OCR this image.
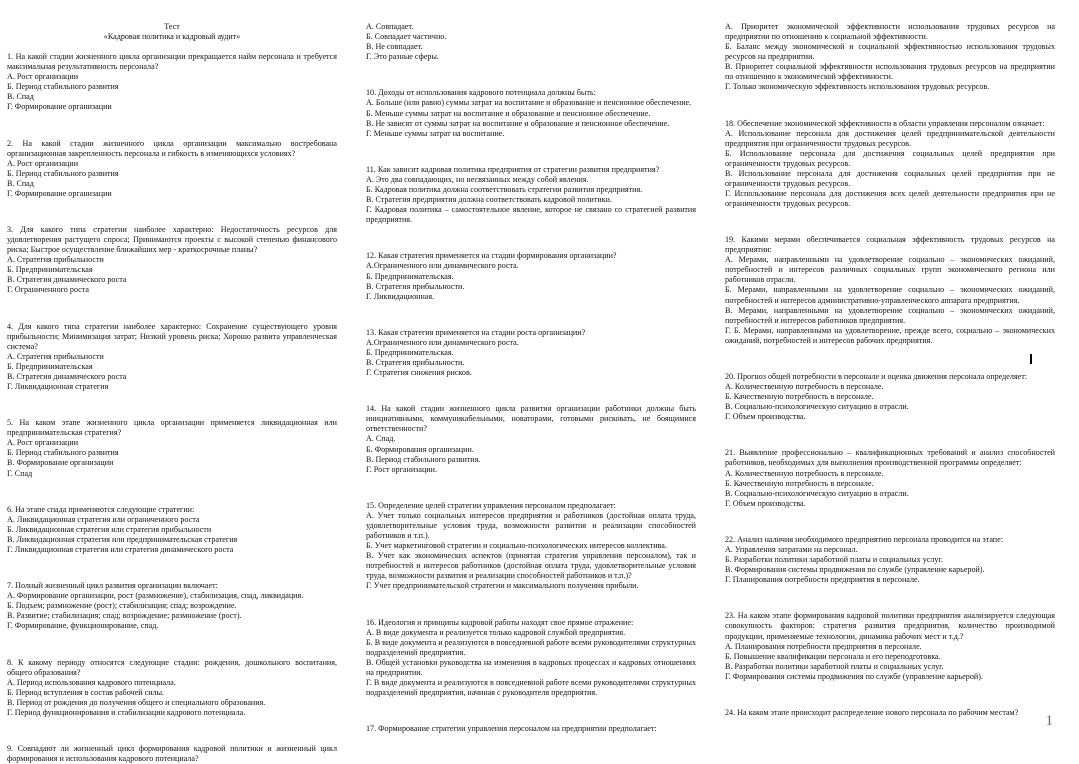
Тест

«Кадровая политика и кадровый аудит»

1. На какой стадии жизненного цикла организации прекращается найм персонала и требуется максимальная результативность персонала?

А. Рост организации

Б. Период стабильного развития

В. Спад

Г. Формирование организации

2. На какой стадии жизненного цикла организации максимально востребована организационная закрепленность персонала и гибкость в изменяющихся условиях?

А. Рост организации

Б. Период стабильного развития

В. Спад

Г. Формирование организации

3. Для какого типа стратегии наиболее характерно: Недостаточность ресурсов для удовлетворения растущего спроса; Принимаются проекты с высокой степенью финансового риска; Быстрое осуществление ближайших мер - краткосрочные планы?

А. Стратегия прибыльности

Б. Предпринимательская

В. Стратегия динамического роста

Г. Ограниченного роста

4. Для какого типа стратегии наиболее характерно: Сохранение существующего уровня прибыльности; Минимизация затрат; Низкий уровень риска; Хорошо развита управленческая система?

А. Стратегия прибыльности

Б. Предпринимательская

В. Стратегия динамического роста

Г. Ликвидационная стратегия

5. На каком этапе жизненного цикла организации применяется ликвидационная или предпринимательская стратегия?

А. Рост организации

Б. Период стабильного развития

В. Формирование организации

Г. Спад

6. На этапе спада применяются следующие стратегии:

А. Ликвидационная стратегия или ограниченного роста

Б. Ликвидационная стратегия или стратегия прибыльности

В. Ликвидационная стратегия или предпринимательская стратегия

Г. Ликвидационная стратегия или стратегия динамического роста

7. Полный жизненный цикл развития организации включает:

А. Формирование организации, рост (размножение), стабилизация, спад, ликвидация.

Б. Подъем; размножение (рост); стабилизация; спад; возрождение.

В. Развитие; стабилизация; спад; возрождение; размножение (рост).

Г. Формирование, функционирование, спад.

8. К какому периоду относятся следующие стадии: рождения, дошкольного воспитания, общего образования?

А. Период использования кадрового потенциала.

Б. Период вступления в состав рабочей силы.

В. Период от рождения до получения общего и специального образования.

Г. Период функционирования и стабилизации кадрового потенциала.

9. Совпадают ли жизненный цикл формирования кадровой политики и жизненный цикл формирования и использования кадрового потенциала?

А. Совпадает.

Б. Совпадает частично.

В. Не совпадает.

Г. Это разные сферы.

10. Доходы от использования кадрового потенциала должны быть:

А. Больше (или равно) суммы затрат на воспитание и образование и пенсионное обеспечение.

Б. Меньше суммы затрат на воспитание и образование и пенсионное обеспечение.

В. Не зависят от суммы затрат на воспитание и образование и пенсионное обеспечение.

Г. Меньше суммы затрат на воспитание.

11. Как зависит кадровая политика предприятия от стратегии развития предприятия?

А. Это два совпадающих, но несвязанных между собой явления.

Б. Кадровая политика должна соответствовать стратегии развития предприятия.

В. Стратегия предприятия должна соответствовать кадровой политики.

Г. Кадровая политика – самостоятельное явление, которое не связано со стратегией развития предприятия.

12. Какая стратегия применяется на стадии формирования организации?

А.Ограниченного или динамического роста.

Б. Предпринимательская.

В. Стратегия прибыльности.

Г. Ликвидационная.

13. Какая стратегия применяется на стадии роста организации?

А.Ограниченного или динамического роста.

Б. Предпринимательская.

В. Стратегия прибыльности.

Г. Стратегия снижения рисков.

14. На какой стадии жизненного цикла развития организации работники должны быть инициативными, коммуникабельными, новаторами, готовыми рисковать, не боящимися ответственности?

А. Спад.

Б. Формирования организации.

В. Период стабильного развития.

Г. Рост организации.

15. Определение целей стратегии управления персоналом предполагает:

А. Учет только социальных интересов предприятия и работников (достойная оплата труда, удовлетворительные условия труда, возможности развития и реализации способностей работников и т.п.).

Б. Учет маркетинговой стратегии и социально-психологических интересов коллектива.

В. Учет как экономических аспектов (принятая стратегия управления персоналом), так и потребностей и интересов работников (достойная оплата труда, удовлетворительные условия труда, возможности развития и реализации способностей работников и т.п.)?

Г. Учет предпринимательской стратегии и максимального получения прибыли.

16. Идеология и принципы кадровой работы находят свое прямое отражение:

А. В виде документа и реализуется только кадровой службой предприятия.

Б. В виде документа и реализуются в повседневной работе всеми руководителями структурных подразделений предприятия.

В. Общей установки руководства на изменения в кадровых процессах и кадровых отношениях на предприятии.

Г. В виде документа и реализуются в повседневной работе всеми руководителями структурных подразделений предприятия, начиная с руководителя предприятия.

17. Формирование стратегии управления персоналом на предприятии предполагает:

А. Приоритет экономической эффективности использования трудовых ресурсов на предприятии по отношению к социальной эффективности.

Б. Баланс между экономической и социальной эффективностью использования трудовых ресурсов на предприятии.

В. Приоритет социальной эффективности использования трудовых ресурсов на предприятии по отношению к экономической эффективности.

Г. Только экономическую эффективность использования трудовых ресурсов.

18. Обеспечение экономической эффективности в области управления персоналом означает:

А. Использование персонала для достижения целей предпринимательской деятельности предприятия при ограниченности трудовых ресурсов.

Б. Использование персонала для достижения социальных целей предприятия при ограниченности трудовых ресурсов.

В. Использование персонала для достижения социальных целей предприятия при не ограниченности трудовых ресурсов.

Г. Использование персонала для достижения всех целей деятельности предприятия при не ограниченности трудовых ресурсов.

19. Какими мерами обеспечивается социальная эффективность трудовых ресурсов на предприятии:

А. Мерами, направленными на удовлетворение социально – экономических ожиданий, потребностей и интересов различных социальных групп экономического региона или работников отрасли.

Б. Мерами, направленными на удовлетворение социально – экономических ожиданий, потребностей и интересов административно-управленческого аппарата предприятия.

В. Мерами, направленными на удовлетворение социально – экономических ожиданий, потребностей и интересов работников предприятия.

Г. Б. Мерами, направленными на удовлетворение, прежде всего, социально – экономических ожиданий, потребностей и интересов рабочих предприятия.

20. Прогноз общей потребности в персонале и оценка движения персонала определяет:

А. Количественную потребность в персонале.

Б. Качественную потребность в персонале.

В. Социально-психологическую ситуацию в отрасли.

Г. Объем производства.

21. Выявление профессионально – квалификационных требований и анализ способностей работников, необходимых для выполнения производственной программы определяет:

А. Количественную потребность в персонале.

Б. Качественную потребность в персонале.

В. Социально-психологическую ситуацию в отрасли.

Г. Объем производства.

22. Анализ наличия необходимого предприятию персонала проводится на этапе:

А. Управления затратами на персонал.

Б. Разработки политики заработной платы и социальных услуг.

В. Формирования системы продвижения по службе (управление карьерой).

Г. Планирования потребности предприятия в персонале.

23. На каком этапе формирования кадровой политики предприятия анализируется следующая совокупность факторов: стратегия развития предприятия, количество производимой продукции, применяемые технологии, динамика рабочих мест и т.д.?

А. Планирования потребности предприятия в персонале.

Б. Повышение квалификации персонала и его переподготовка.

В. Разработки политики заработной платы и социальных услуг.

Г. Формирования системы продвижения по службе (управление карьерой).

24. На каком этапе происходит распределение нового персонала по рабочим местам?

1
